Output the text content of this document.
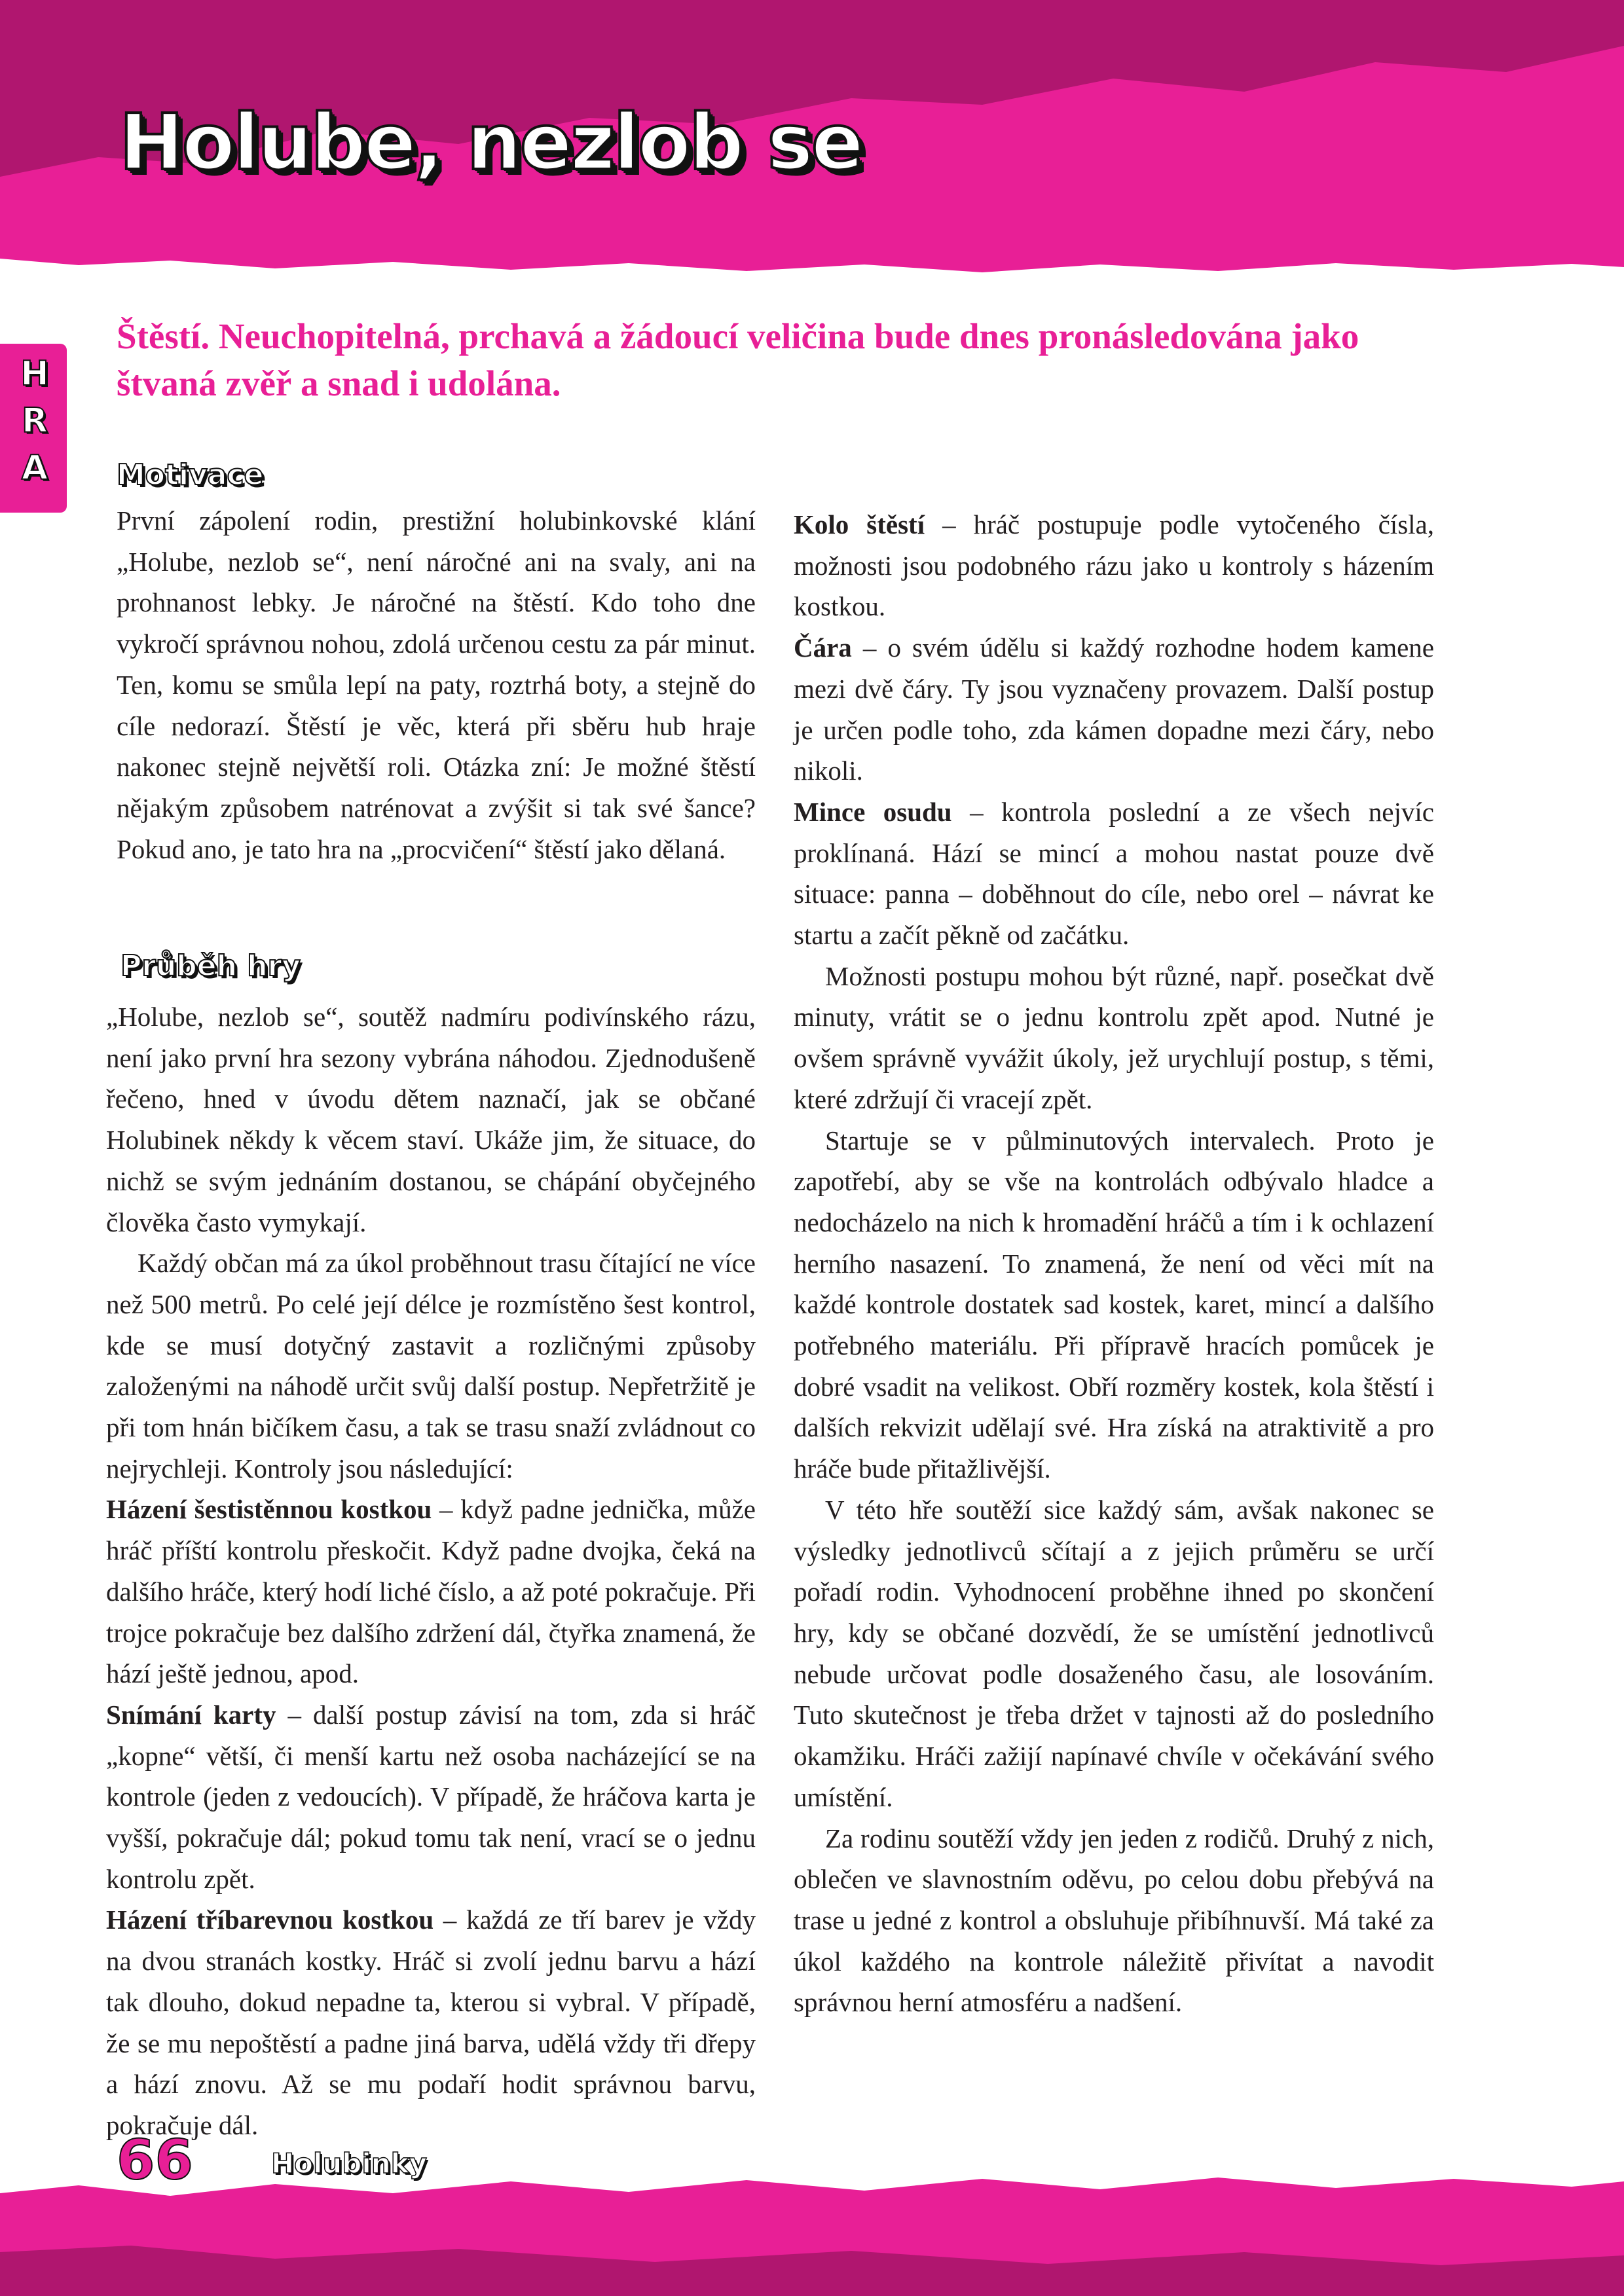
Holube, nezlob se
H
R
A

Štěstí. Neuchopitelná, prchavá a žádoucí veličina bude dnes pronásledována jako štvaná zvěř a snad i udolána.

Motivace

První zápolení rodin, prestižní holubinkovské klání „Holube, nezlob se“, není náročné ani na svaly, ani na prohnanost lebky. Je náročné na štěstí. Kdo toho dne vykročí správnou nohou, zdolá určenou cestu za pár minut. Ten, komu se smůla lepí na paty, roztrhá boty, a stejně do cíle nedorazí. Štěstí je věc, která při sběru hub hraje nakonec stejně největší roli. Otázka zní: Je možné štěstí nějakým způsobem natrénovat a zvýšit si tak své šance? Pokud ano, je tato hra na „procvičení“ štěstí jako dělaná.

Průběh hry

„Holube, nezlob se“, soutěž nadmíru podivínského rázu, není jako první hra sezony vybrána náhodou. Zjednodušeně řečeno, hned v úvodu dětem naznačí, jak se občané Holubinek někdy k věcem staví. Ukáže jim, že situace, do nichž se svým jednáním dostanou, se chápání obyčejného člověka často vymykají.

Každý občan má za úkol proběhnout trasu čítající ne více než 500 metrů. Po celé její délce je rozmístěno šest kontrol, kde se musí dotyčný zastavit a rozličnými způsoby založenými na náhodě určit svůj další postup. Nepřetržitě je při tom hnán bičíkem času, a tak se trasu snaží zvládnout co nejrychleji. Kontroly jsou následující:

Házení šestistěnnou kostkou – když padne jednička, může hráč příští kontrolu přeskočit. Když padne dvojka, čeká na dalšího hráče, který hodí liché číslo, a až poté pokračuje. Při trojce pokračuje bez dalšího zdržení dál, čtyřka znamená, že hází ještě jednou, apod.

Snímání karty – další postup závisí na tom, zda si hráč „kopne“ větší, či menší kartu než osoba nacházející se na kontrole (jeden z vedoucích). V případě, že hráčova karta je vyšší, pokračuje dál; pokud tomu tak není, vrací se o jednu kontrolu zpět.

Házení tříbarevnou kostkou – každá ze tří barev je vždy na dvou stranách kostky. Hráč si zvolí jednu barvu a hází tak dlouho, dokud nepadne ta, kterou si vybral. V případě, že se mu nepoštěstí a padne jiná barva, udělá vždy tři dřepy a hází znovu. Až se mu podaří hodit správnou barvu, pokračuje dál.

Kolo štěstí – hráč postupuje podle vytočeného čísla, možnosti jsou podobného rázu jako u kontroly s házením kostkou.

Čára – o svém údělu si každý rozhodne hodem kamene mezi dvě čáry. Ty jsou vyznačeny provazem. Další postup je určen podle toho, zda kámen dopadne mezi čáry, nebo nikoli.

Mince osudu – kontrola poslední a ze všech nejvíc proklínaná. Hází se mincí a mohou nastat pouze dvě situace: panna – doběhnout do cíle, nebo orel – návrat ke startu a začít pěkně od začátku.

Možnosti postupu mohou být různé, např. posečkat dvě minuty, vrátit se o jednu kontrolu zpět apod. Nutné je ovšem správně vyvážit úkoly, jež urychlují postup, s těmi, které zdržují či vracejí zpět.

Startuje se v půlminutových intervalech. Proto je zapotřebí, aby se vše na kontrolách odbývalo hladce a nedocházelo na nich k hromadění hráčů a tím i k ochlazení herního nasazení. To znamená, že není od věci mít na každé kontrole dostatek sad kostek, karet, mincí a dalšího potřebného materiálu. Při přípravě hracích pomůcek je dobré vsadit na velikost. Obří rozměry kostek, kola štěstí i dalších rekvizit udělají své. Hra získá na atraktivitě a pro hráče bude přitažlivější.

V této hře soutěží sice každý sám, avšak nakonec se výsledky jednotlivců sčítají a z jejich průměru se určí pořadí rodin. Vyhodnocení proběhne ihned po skončení hry, kdy se občané dozvědí, že se umístění jednotlivců nebude určovat podle dosaženého času, ale losováním. Tuto skutečnost je třeba držet v tajnosti až do posledního okamžiku. Hráči zažijí napínavé chvíle v očekávání svého umístění.

Za rodinu soutěží vždy jen jeden z rodičů. Druhý z nich, oblečen ve slavnostním oděvu, po celou dobu přebývá na trase u jedné z kontrol a obsluhuje přibíhnuvší. Má také za úkol každého na kontrole náležitě přivítat a navodit správnou herní atmosféru a nadšení.

66	Holubinky
